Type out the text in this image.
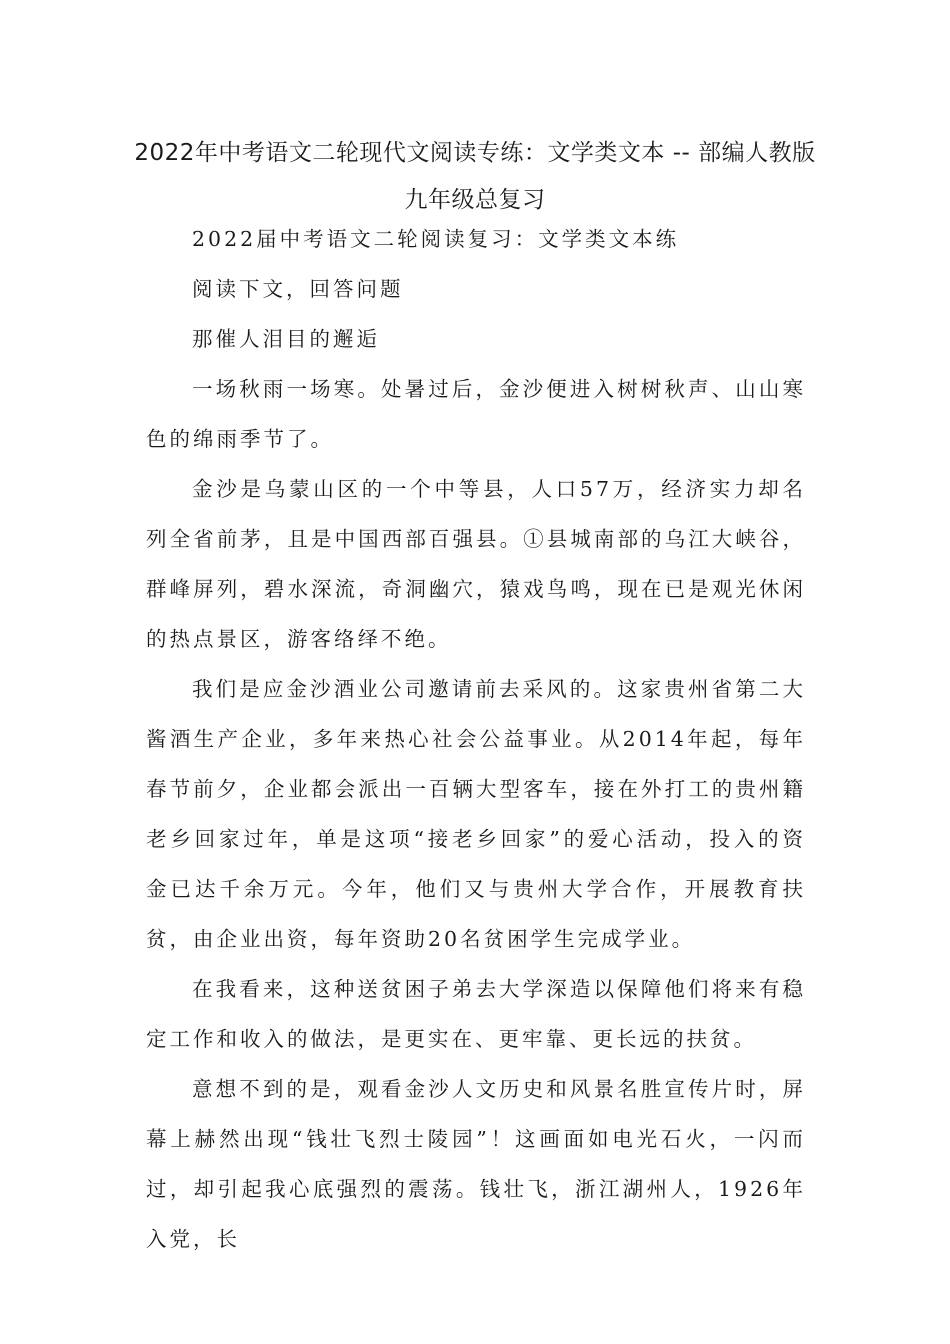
2022年中考语文二轮现代文阅读专练：文学类文本 -- 部编人教版
九年级总复习

2022届中考语文二轮阅读复习：文学类文本练

阅读下文，回答问题

那催人泪目的邂逅

一场秋雨一场寒。处暑过后，金沙便进入树树秋声、山山寒色的绵雨季节了。

金沙是乌蒙山区的一个中等县，人口57万，经济实力却名列全省前茅，且是中国西部百强县。①县城南部的乌江大峡谷，群峰屏列，碧水深流，奇洞幽穴，猿戏鸟鸣，现在已是观光休闲的热点景区，游客络绎不绝。

我们是应金沙酒业公司邀请前去采风的。这家贵州省第二大酱酒生产企业，多年来热心社会公益事业。从2014年起，每年春节前夕，企业都会派出一百辆大型客车，接在外打工的贵州籍老乡回家过年，单是这项“接老乡回家”的爱心活动，投入的资金已达千余万元。今年，他们又与贵州大学合作，开展教育扶贫，由企业出资，每年资助20名贫困学生完成学业。

在我看来，这种送贫困子弟去大学深造以保障他们将来有稳定工作和收入的做法，是更实在、更牢靠、更长远的扶贫。

意想不到的是，观看金沙人文历史和风景名胜宣传片时，屏幕上赫然出现“钱壮飞烈士陵园”！这画面如电光石火，一闪而过，却引起我心底强烈的震荡。钱壮飞，浙江湖州人，1926年入党，长
